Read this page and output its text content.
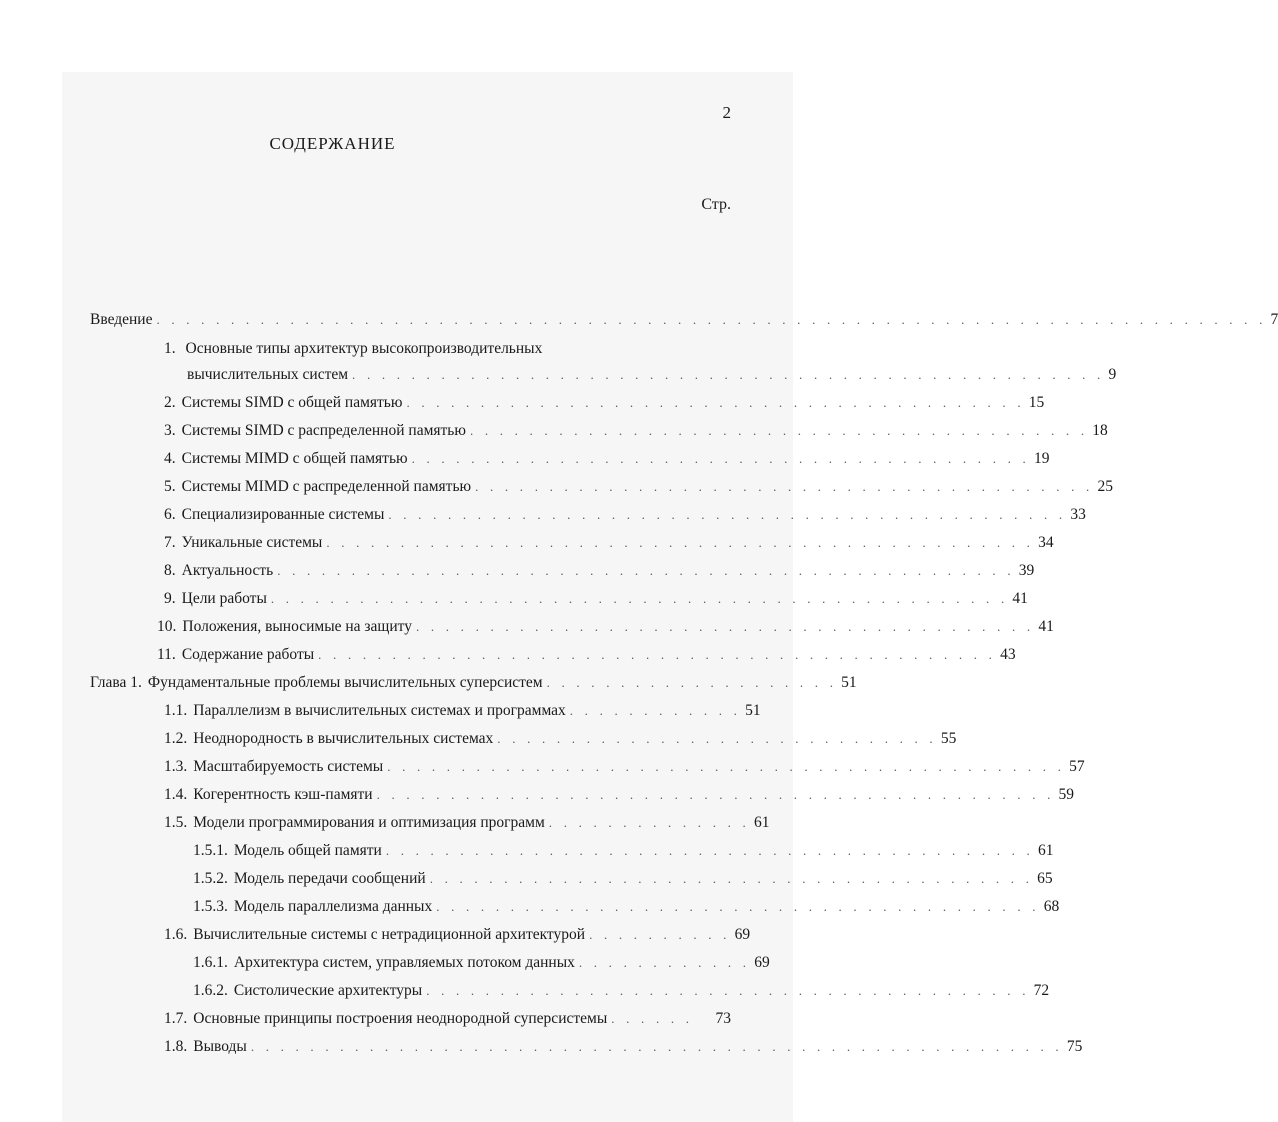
2
СОДЕРЖАНИЕ
Стр.
Введение . . . . . . . . . . . . . . . . . . . . . . . . . . . . . . . . . . . . . . . . . . . . . . . . . . . . . . . . . . . . . . . . . . . . . . . . . . . 7
1. Основные типы архитектур высокопроизводительных
вычислительных систем . . . . . . . . . . . . . . . . . . . . . . . . . . . . . . . . . . . . . . . . . . . . . . . . . . . 9
2. Системы SIMD с общей памятью . . . . . . . . . . . . . . . . . . . . . . . . . . . . . . . . . . . . . . . . . . 15
3. Системы SIMD с распределенной памятью . . . . . . . . . . . . . . . . . . . . . . . . . . . . . . . . . . . . . . . . . . 18
4. Системы MIMD с общей памятью . . . . . . . . . . . . . . . . . . . . . . . . . . . . . . . . . . . . . . . . . . 19
5. Системы MIMD с распределенной памятью . . . . . . . . . . . . . . . . . . . . . . . . . . . . . . . . . . . . . . . . . . 25
6. Специализированные системы . . . . . . . . . . . . . . . . . . . . . . . . . . . . . . . . . . . . . . . . . . . . . . 33
7. Уникальные системы . . . . . . . . . . . . . . . . . . . . . . . . . . . . . . . . . . . . . . . . . . . . . . . . 34
8. Актуальность . . . . . . . . . . . . . . . . . . . . . . . . . . . . . . . . . . . . . . . . . . . . . . . . . . 39
9. Цели работы . . . . . . . . . . . . . . . . . . . . . . . . . . . . . . . . . . . . . . . . . . . . . . . . . . 41
10. Положения, выносимые на защиту . . . . . . . . . . . . . . . . . . . . . . . . . . . . . . . . . . . . . . . . . . 41
11. Содержание работы . . . . . . . . . . . . . . . . . . . . . . . . . . . . . . . . . . . . . . . . . . . . . . 43
Глава 1. Фундаментальные проблемы вычислительных суперсистем . . . . . . . . . . . . . . . . . . . . 51
1.1. Параллелизм в вычислительных системах и программах . . . . . . . . . . . . 51
1.2. Неоднородность в вычислительных системах . . . . . . . . . . . . . . . . . . . . . . . . . . . . . . 55
1.3. Масштабируемость системы . . . . . . . . . . . . . . . . . . . . . . . . . . . . . . . . . . . . . . . . . . . . . . 57
1.4. Когерентность кэш-памяти . . . . . . . . . . . . . . . . . . . . . . . . . . . . . . . . . . . . . . . . . . . . . . 59
1.5. Модели программирования и оптимизация программ . . . . . . . . . . . . . . 61
1.5.1. Модель общей памяти . . . . . . . . . . . . . . . . . . . . . . . . . . . . . . . . . . . . . . . . . . . . 61
1.5.2. Модель передачи сообщений . . . . . . . . . . . . . . . . . . . . . . . . . . . . . . . . . . . . . . . . . 65
1.5.3. Модель параллелизма данных . . . . . . . . . . . . . . . . . . . . . . . . . . . . . . . . . . . . . . . . . 68
1.6. Вычислительные системы с нетрадиционной архитектурой . . . . . . . . . . 69
1.6.1. Архитектура систем, управляемых потоком данных . . . . . . . . . . . . 69
1.6.2. Систолические архитектуры . . . . . . . . . . . . . . . . . . . . . . . . . . . . . . . . . . . . . . . . . 72
1.7. Основные принципы построения неоднородной суперсистемы . . . . . .	73
1.8. Выводы . . . . . . . . . . . . . . . . . . . . . . . . . . . . . . . . . . . . . . . . . . . . . . . . . . . . . . . 75
